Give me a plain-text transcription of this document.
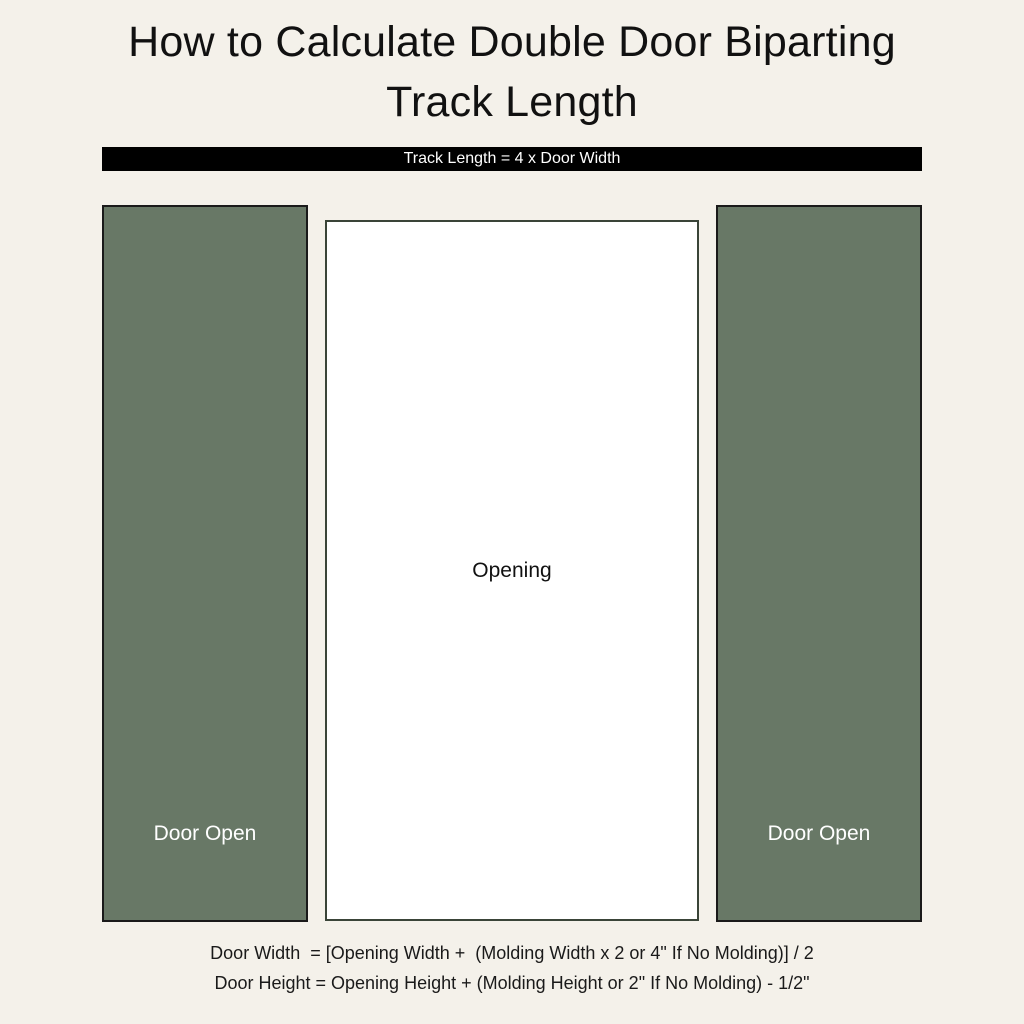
How to Calculate Double Door Biparting
Track Length
Track Length = 4 x Door Width
Door Open
Opening
Door Open
Door Width  = [Opening Width +  (Molding Width x 2 or 4" If No Molding)] / 2
Door Height = Opening Height + (Molding Height or 2" If No Molding) - 1/2"
